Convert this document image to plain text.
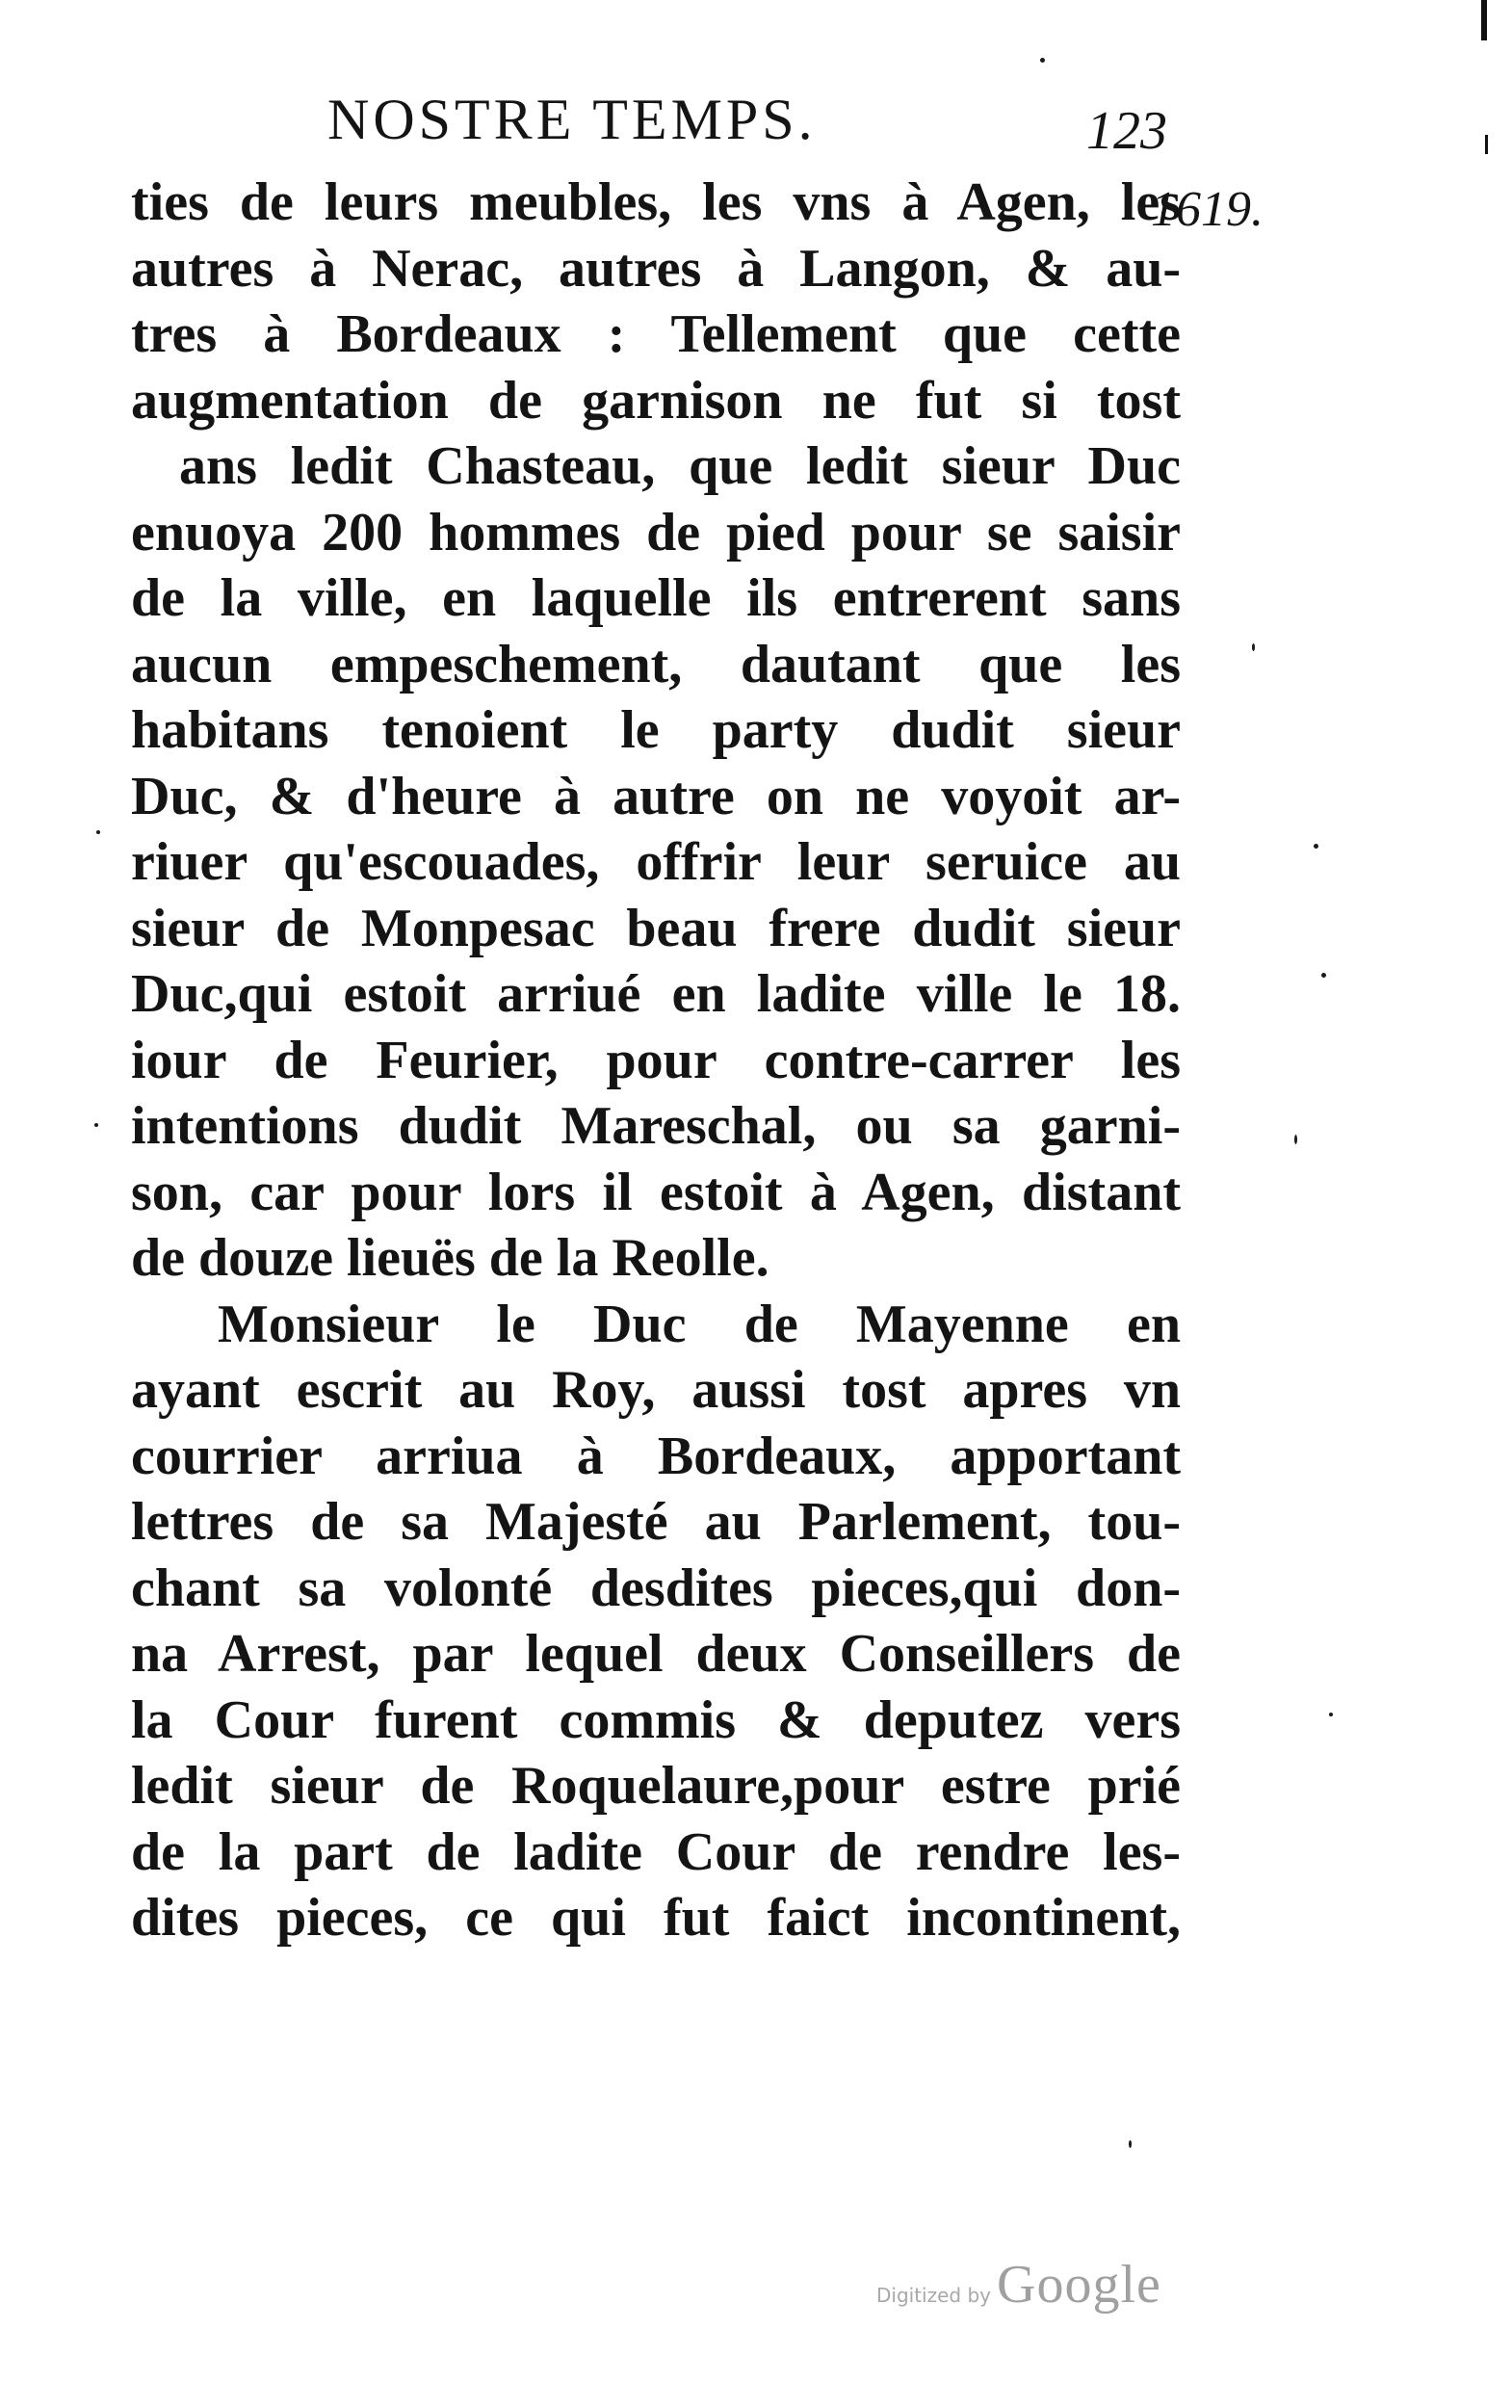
NOSTRE TEMPS.	123
1619.
ties de leurs meubles, les vns à Agen, les
autres à Nerac, autres à Langon, & au-
tres à Bordeaux : Tellement que cette
augmentation de garnison ne fut si tost
ans ledit Chasteau, que ledit sieur Duc
enuoya 200 hommes de pied pour se saisir
de la ville, en laquelle ils entrerent sans
aucun empeschement, dautant que les
habitans tenoient le party dudit sieur
Duc, & d'heure à autre on ne voyoit ar-
riuer qu'escouades, offrir leur seruice au
sieur de Monpesac beau frere dudit sieur
Duc,qui estoit arriué en ladite ville le 18.
iour de Feurier, pour contre-carrer les
intentions dudit Mareschal, ou sa garni-
son, car pour lors il estoit à Agen, distant
de douze lieuës de la Reolle.
Monsieur le Duc de Mayenne en
ayant escrit au Roy, aussi tost apres vn
courrier arriua à Bordeaux, apportant
lettres de sa Majesté au Parlement, tou-
chant sa volonté desdites pieces,qui don-
na Arrest, par lequel deux Conseillers de
la Cour furent commis & deputez vers
ledit sieur de Roquelaure,pour estre prié
de la part de ladite Cour de rendre les-
dites pieces, ce qui fut faict incontinent,
Digitized by Google
